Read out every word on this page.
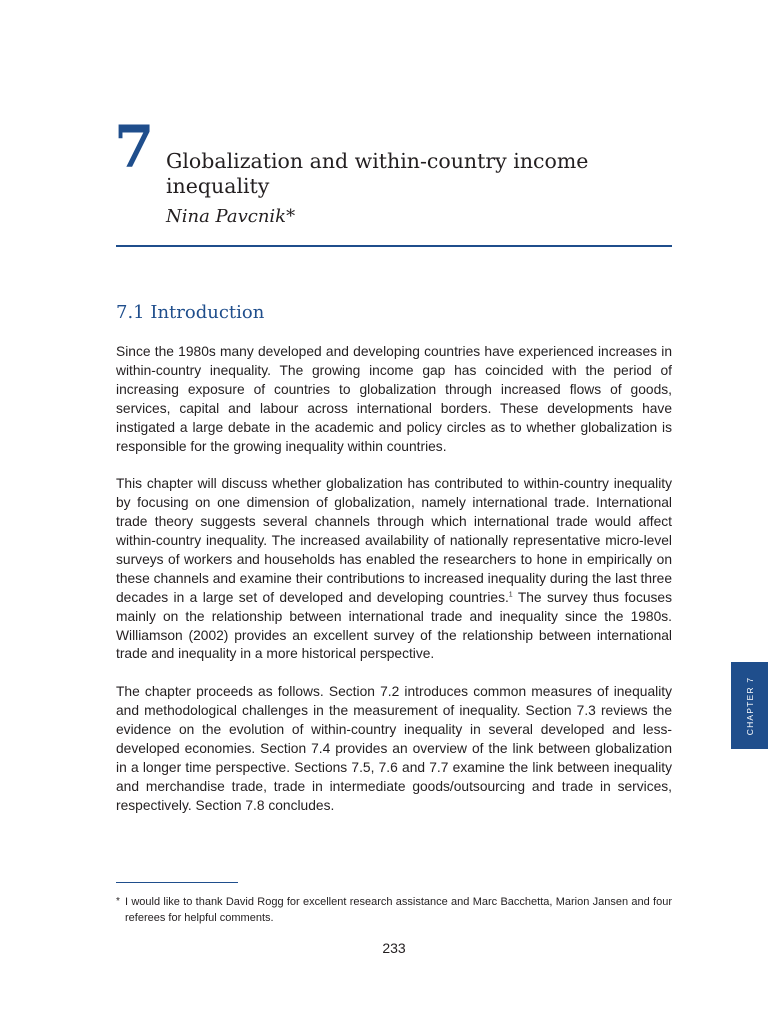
7 Globalization and within-country income inequality
Nina Pavcnik*
7.1 Introduction

Since the 1980s many developed and developing countries have experienced increases in within-country inequality. The growing income gap has coincided with the period of increasing exposure of countries to globalization through increased flows of goods, services, capital and labour across international borders. These developments have instigated a large debate in the academic and policy circles as to whether globalization is responsible for the growing inequality within countries.

This chapter will discuss whether globalization has contributed to within-country inequality by focusing on one dimension of globalization, namely international trade. International trade theory suggests several channels through which international trade would affect within-country inequality. The increased availability of nationally representative micro-level surveys of workers and households has enabled the researchers to hone in empirically on these channels and examine their contributions to increased inequality during the last three decades in a large set of developed and developing countries.$^1$ The survey thus focuses mainly on the relationship between international trade and inequality since the 1980s. Williamson (2002) provides an excellent survey of the relationship between international trade and inequality in a more historical perspective.

The chapter proceeds as follows. Section 7.2 introduces common measures of inequality and methodological challenges in the measurement of inequality. Section 7.3 reviews the evidence on the evolution of within-country inequality in several developed and less-developed economies. Section 7.4 provides an overview of the link between globalization in a longer time perspective. Sections 7.5, 7.6 and 7.7 examine the link between inequality and merchandise trade, trade in intermediate goods/outsourcing and trade in services, respectively. Section 7.8 concludes.

* I would like to thank David Rogg for excellent research assistance and Marc Bacchetta, Marion Jansen and four referees for helpful comments.
233
CHAPTER 7
